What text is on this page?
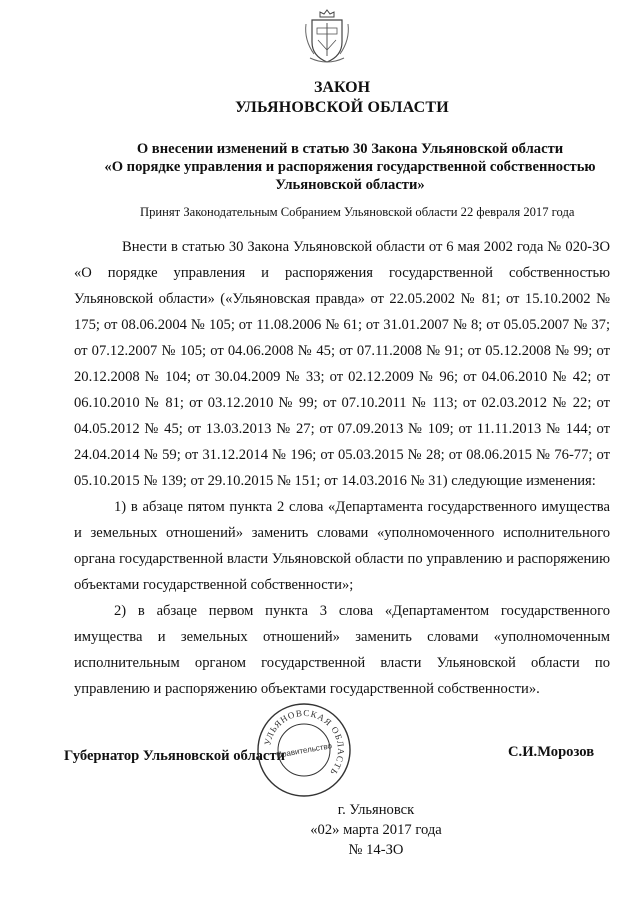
ЗАКОН
УЛЬЯНОВСКОЙ ОБЛАСТИ
О внесении изменений в статью 30 Закона Ульяновской области
«О порядке управления и распоряжения государственной собственностью
Ульяновской области»
Принят Законодательным Собранием Ульяновской области 22 февраля 2017 года

Внести в статью 30 Закона Ульяновской области от 6 мая 2002 года № 020-ЗО «О порядке управления и распоряжения государственной собственностью Ульяновской области» («Ульяновская правда» от 22.05.2002 № 81; от 15.10.2002 № 175; от 08.06.2004 № 105; от 11.08.2006 № 61; от 31.01.2007 № 8; от 05.05.2007 № 37; от 07.12.2007 № 105; от 04.06.2008 № 45; от 07.11.2008 № 91; от 05.12.2008 № 99; от 20.12.2008 № 104; от 30.04.2009 № 33; от 02.12.2009 № 96; от 04.06.2010 № 42; от 06.10.2010 № 81; от 03.12.2010 № 99; от 07.10.2011 № 113; от 02.03.2012 № 22; от 04.05.2012 № 45; от 13.03.2013 № 27; от 07.09.2013 № 109; от 11.11.2013 № 144; от 24.04.2014 № 59; от 31.12.2014 № 196; от 05.03.2015 № 28; от 08.06.2015 № 76-77; от 05.10.2015 № 139; от 29.10.2015 № 151; от 14.03.2016 № 31) следующие изменения:

1) в абзаце пятом пункта 2 слова «Департамента государственного имущества и земельных отношений» заменить словами «уполномоченного исполнительного органа государственной власти Ульяновской области по управлению и распоряжению объектами государственной собственности»;

2) в абзаце первом пункта 3 слова «Департаментом государственного имущества и земельных отношений» заменить словами «уполномоченным исполнительным органом государственной власти Ульяновской области по управлению и распоряжению объектами государственной собственности».

Губернатор Ульяновской области
УЛЬЯНОВСКАЯ ОБЛАСТЬ
Правительство	С.И.Морозов
г. Ульяновск
«02» марта 2017 года
№ 14-ЗО
